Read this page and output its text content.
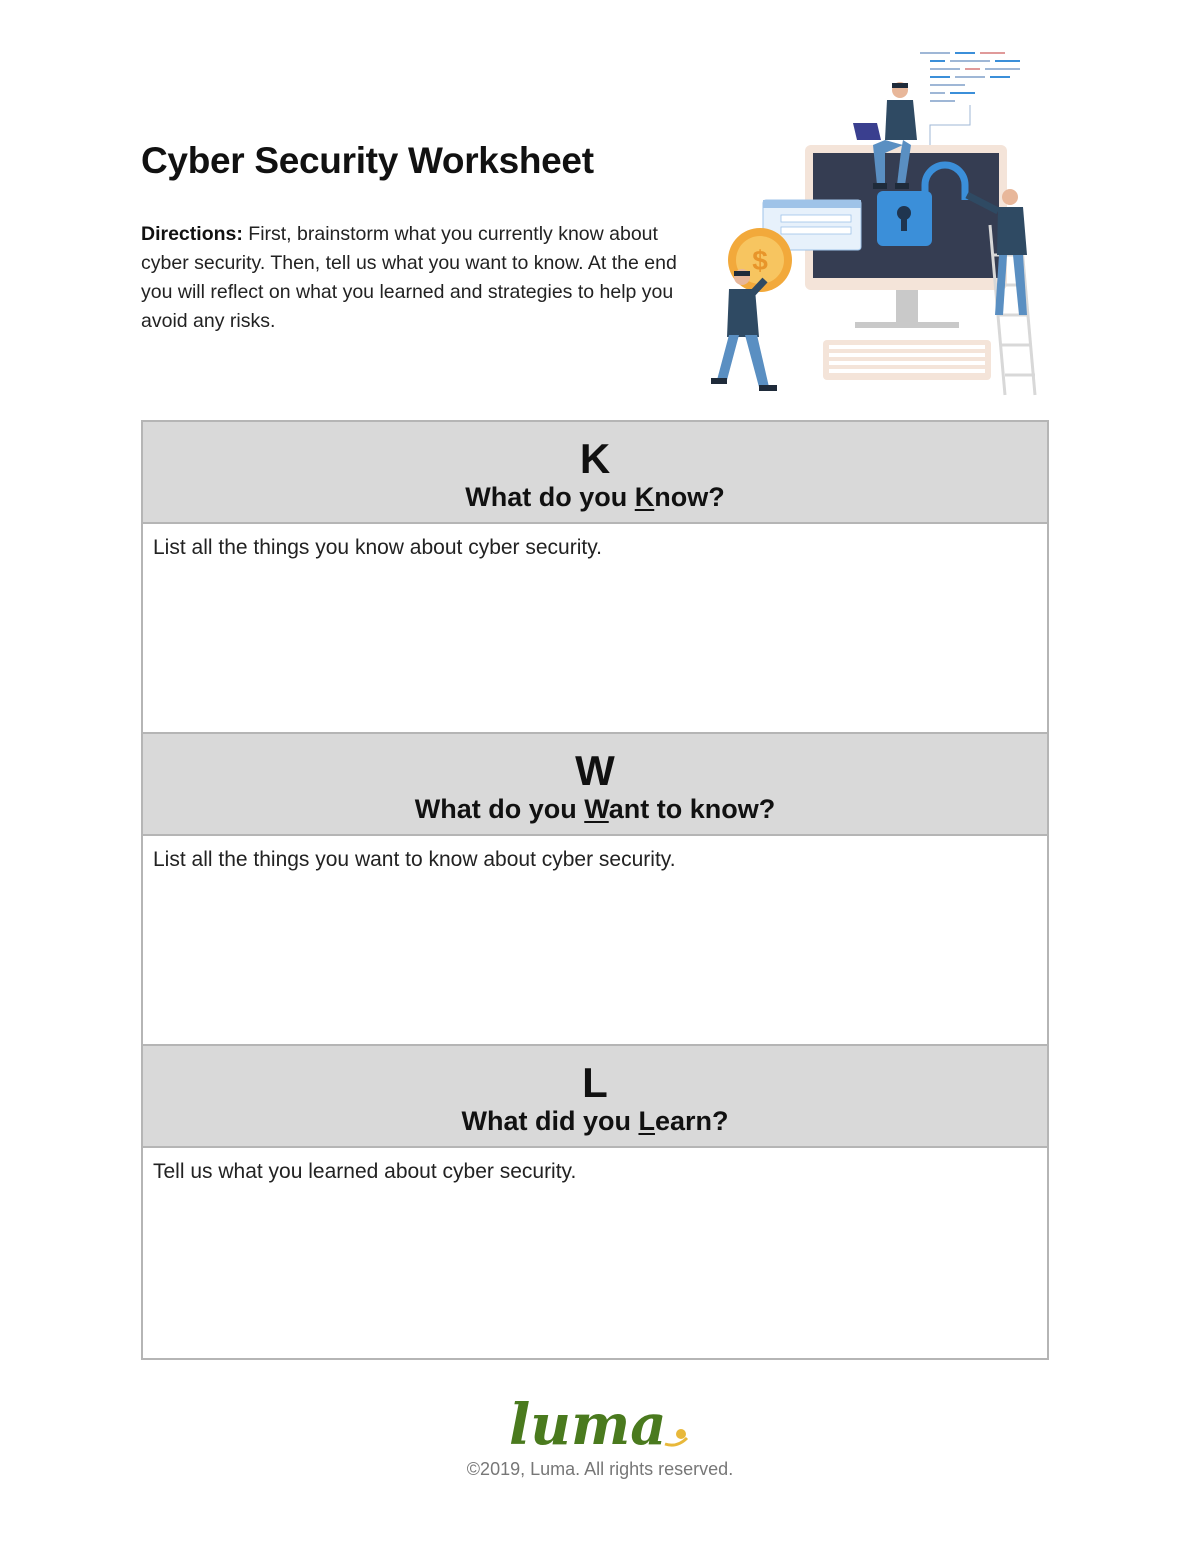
Cyber Security Worksheet

Directions: First, brainstorm what you currently know about cyber security. Then, tell us what you want to know. At the end you will reflect on what you learned and strategies to help you avoid any risks.

$
K
What do you Know?
List all the things you know about cyber security.
W
What do you Want to know?
List all the things you want to know about cyber security.
L
What did you Learn?
Tell us what you learned about cyber security.
luma

©2019, Luma. All rights reserved.
